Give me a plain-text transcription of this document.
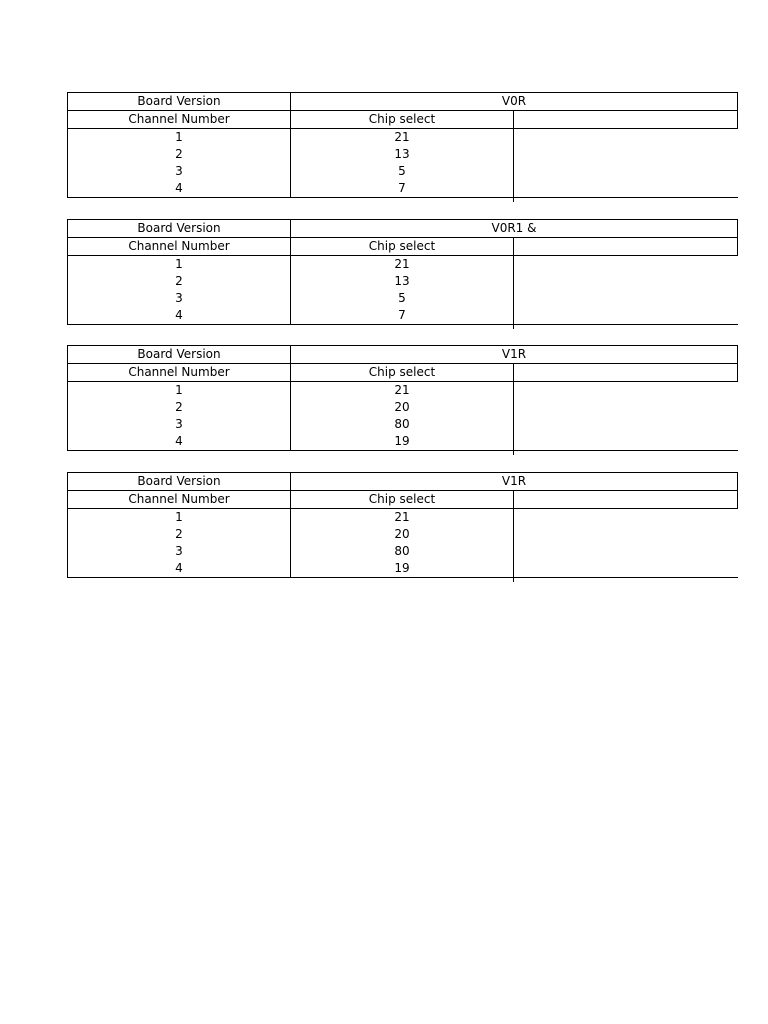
Board Version	V0R	
Channel Number	Chip select	
1	21	
2	13	
3	5	
4	7	
Board Version	V0R1 &	
Channel Number	Chip select	
1	21	
2	13	
3	5	
4	7	
Board Version	V1R	
Channel Number	Chip select	
1	21	
2	20	
3	80	
4	19	
Board Version	V1R	
Channel Number	Chip select	
1	21	
2	20	
3	80	
4	19	
